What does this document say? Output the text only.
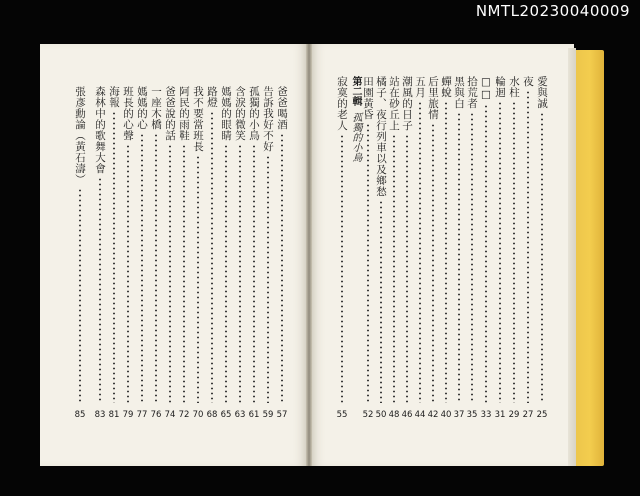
NMTL20230040009
爸爸喝酒
57
告訴我好不好
59
孤獨的小鳥
61
含淚的微笑
63
媽媽的眼睛
65
路燈
68
我不要當班長
70
阿民的雨鞋
72
爸爸說的話
74
一座木橋
76
媽媽的心
77
班長的心聲
79
海報
81
森林中的歌舞大會
83
張彥勳論
（黃石濤）
85
愛與誠
25
夜
27
水柱
29
輪迴
31
□□
33
拾荒者
35
黑與白
37
蟬蛻
40
后里旅情
42
五月
44
潮風的日子
46
站在砂丘上
48
橘子、夜行列車以及鄉愁
50
田園黃昏
52
寂寞的老人
55
第二輯
孤獨的小鳥
